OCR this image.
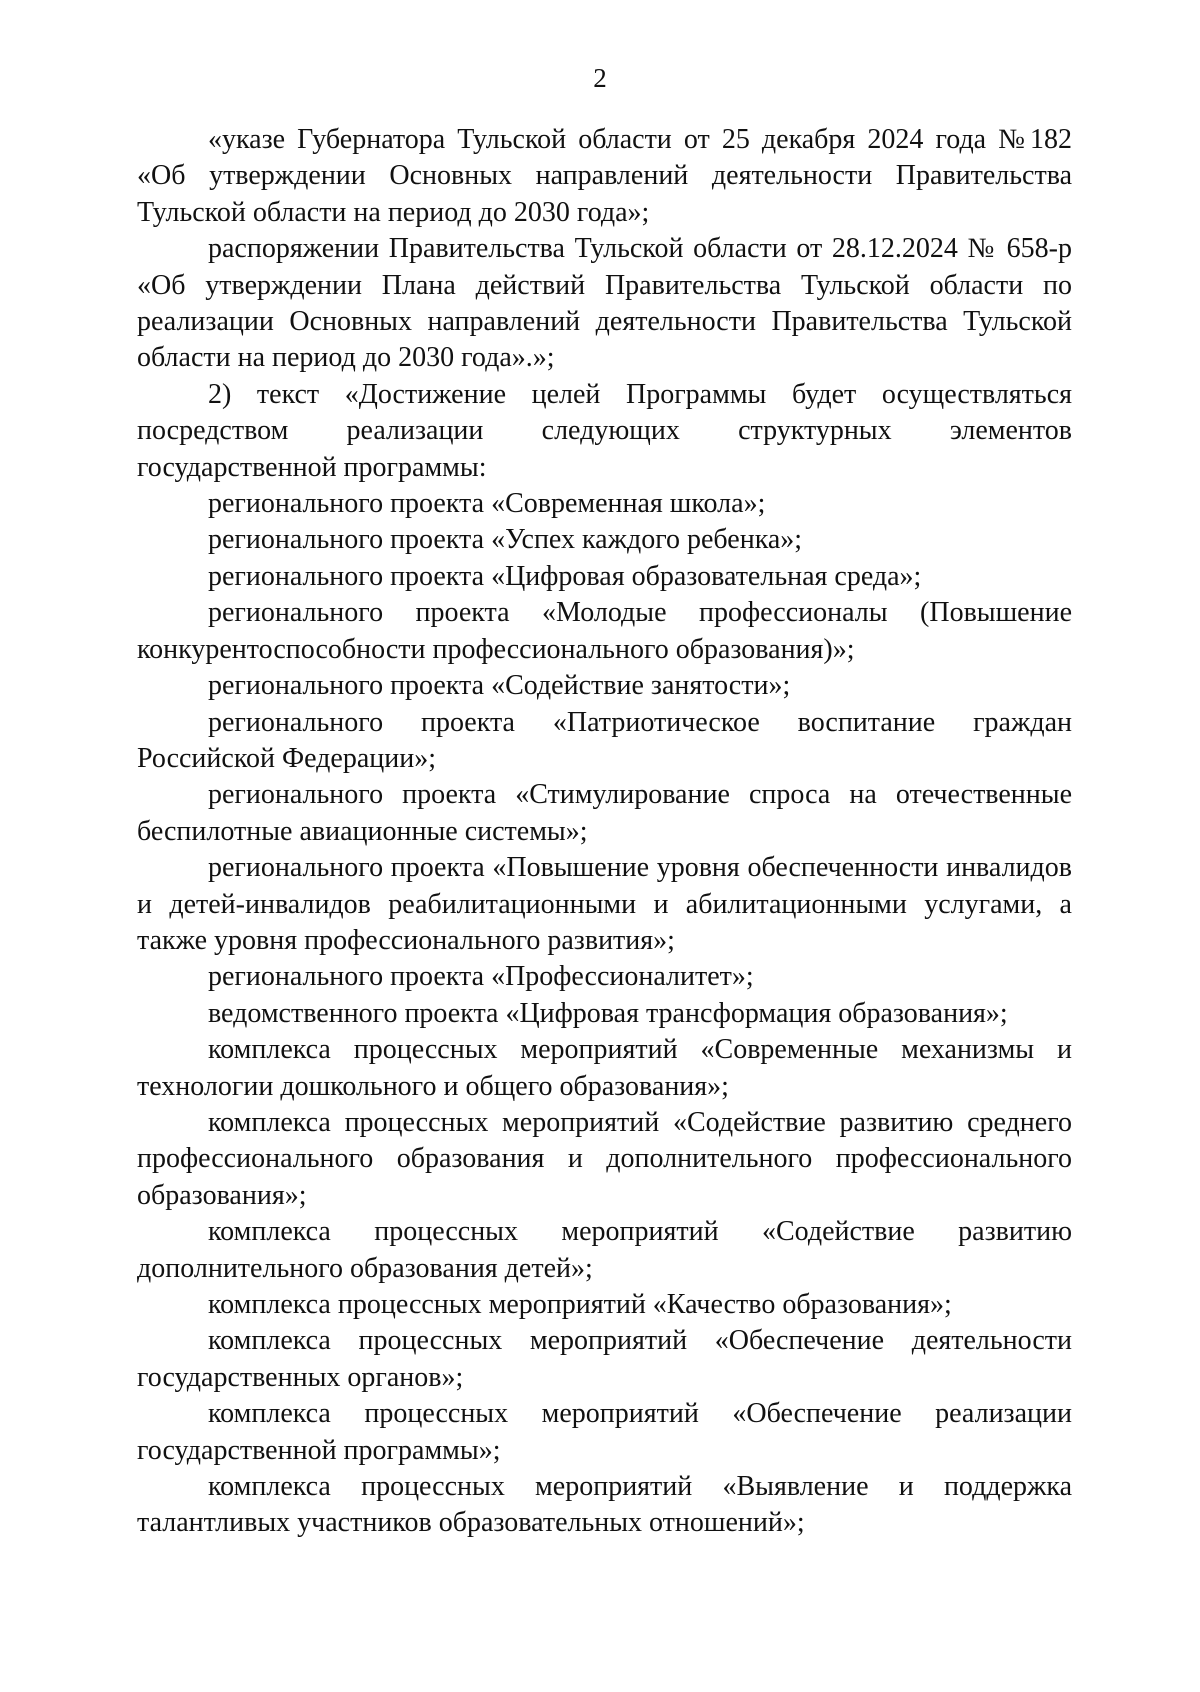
2

«указе Губернатора Тульской области от 25 декабря 2024 года №182 «Об утверждении Основных направлений деятельности Правительства Тульской области на период до 2030 года»;

распоряжении Правительства Тульской области от 28.12.2024 № 658-р «Об утверждении Плана действий Правительства Тульской области по реализации Основных направлений деятельности Правительства Тульской области на период до 2030 года».»;

2) текст «Достижение целей Программы будет осуществляться посредством реализации следующих структурных элементов государственной программы:

регионального проекта «Современная школа»;

регионального проекта «Успех каждого ребенка»;

регионального проекта «Цифровая образовательная среда»;

регионального проекта «Молодые профессионалы (Повышение конкурентоспособности профессионального образования)»;

регионального проекта «Содействие занятости»;

регионального проекта «Патриотическое воспитание граждан Российской Федерации»;

регионального проекта «Стимулирование спроса на отечественные беспилотные авиационные системы»;

регионального проекта «Повышение уровня обеспеченности инвалидов и детей-инвалидов реабилитационными и абилитационными услугами, а также уровня профессионального развития»;

регионального проекта «Профессионалитет»;

ведомственного проекта «Цифровая трансформация образования»;

комплекса процессных мероприятий «Современные механизмы и технологии дошкольного и общего образования»;

комплекса процессных мероприятий «Содействие развитию среднего профессионального образования и дополнительного профессионального образования»;

комплекса процессных мероприятий «Содействие развитию дополнительного образования детей»;

комплекса процессных мероприятий «Качество образования»;

комплекса процессных мероприятий «Обеспечение деятельности государственных органов»;

комплекса процессных мероприятий «Обеспечение реализации государственной программы»;

комплекса процессных мероприятий «Выявление и поддержка талантливых участников образовательных отношений»;
